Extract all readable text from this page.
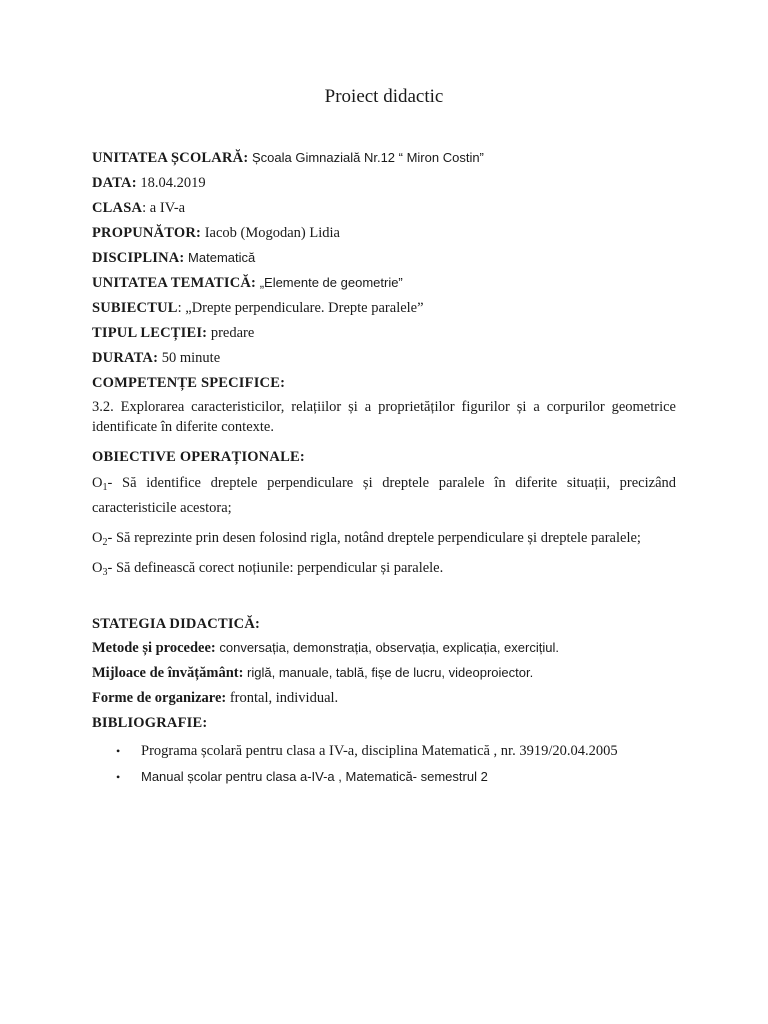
Proiect didactic

UNITATEA ȘCOLARĂ: Școala Gimnazială Nr.12 “ Miron Costin”

DATA: 18.04.2019

CLASA: a IV-a

PROPUNĂTOR: Iacob (Mogodan) Lidia

DISCIPLINA: Matematică

UNITATEA TEMATICĂ: „Elemente de geometrie”

SUBIECTUL: „Drepte perpendiculare. Drepte paralele”

TIPUL LECȚIEI: predare

DURATA: 50 minute

COMPETENȚE SPECIFICE:

3.2. Explorarea caracteristicilor, relațiilor și a proprietăților figurilor și a corpurilor geometrice identificate în diferite contexte.

OBIECTIVE OPERAȚIONALE:

$O_1-$ Să identifice dreptele perpendiculare și dreptele paralele în diferite situații, precizând caracteristicile acestora;

$O_2-$ Să reprezinte prin desen folosind rigla, notând dreptele perpendiculare și dreptele paralele;

$O_3-$ Să definească corect noțiunile: perpendicular și paralele.

STATEGIA DIDACTICĂ:

Metode și procedee: conversația, demonstrația, observația, explicația, exercițiul.

Mijloace de învățământ: riglă, manuale, tablă, fișe de lucru, videoproiector.

Forme de organizare: frontal, individual.

BIBLIOGRAFIE:

• Programa școlară pentru clasa a IV-a, disciplina Matematică , nr. 3919/20.04.2005
• Manual școlar pentru clasa a-IV-a , Matematică- semestrul 2
